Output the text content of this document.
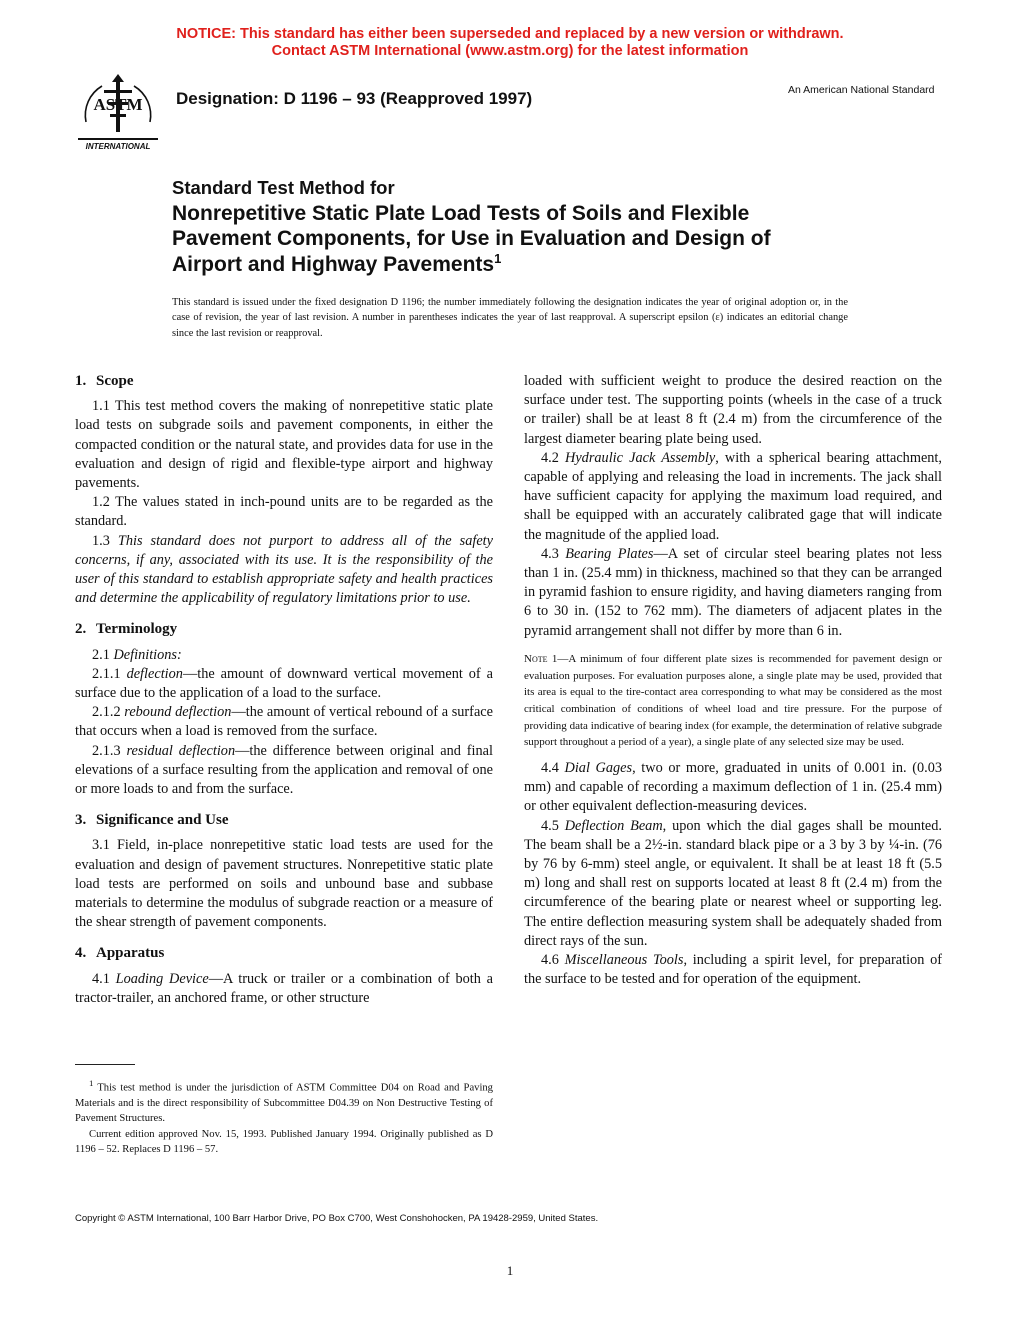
NOTICE: This standard has either been superseded and replaced by a new version or withdrawn.
Contact ASTM International (www.astm.org) for the latest information
ASTM
INTERNATIONAL
Designation: D 1196 – 93 (Reapproved 1997)	An American National Standard
Standard Test Method for
Nonrepetitive Static Plate Load Tests of Soils and Flexible
Pavement Components, for Use in Evaluation and Design of
Airport and Highway Pavements$^1$
This standard is issued under the fixed designation D 1196; the number immediately following the designation indicates the year of original adoption or, in the case of revision, the year of last revision. A number in parentheses indicates the year of last reapproval. A superscript epsilon (ε) indicates an editorial change since the last revision or reapproval.
1. Scope

1.1 This test method covers the making of nonrepetitive static plate load tests on subgrade soils and pavement components, in either the compacted condition or the natural state, and provides data for use in the evaluation and design of rigid and flexible-type airport and highway pavements.

1.2 The values stated in inch-pound units are to be regarded as the standard.

1.3 This standard does not purport to address all of the safety concerns, if any, associated with its use. It is the responsibility of the user of this standard to establish appropriate safety and health practices and determine the applicability of regulatory limitations prior to use.

2. Terminology

2.1 Definitions:

2.1.1 deflection—the amount of downward vertical movement of a surface due to the application of a load to the surface.

2.1.2 rebound deflection—the amount of vertical rebound of a surface that occurs when a load is removed from the surface.

2.1.3 residual deflection—the difference between original and final elevations of a surface resulting from the application and removal of one or more loads to and from the surface.

3. Significance and Use

3.1 Field, in-place nonrepetitive static load tests are used for the evaluation and design of pavement structures. Nonrepetitive static plate load tests are performed on soils and unbound base and subbase materials to determine the modulus of subgrade reaction or a measure of the shear strength of pavement components.

4. Apparatus

4.1 Loading Device—A truck or trailer or a combination of both a tractor-trailer, an anchored frame, or other structure

$^1$ This test method is under the jurisdiction of ASTM Committee D04 on Road and Paving Materials and is the direct responsibility of Subcommittee D04.39 on Non Destructive Testing of Pavement Structures.

Current edition approved Nov. 15, 1993. Published January 1994. Originally published as D 1196 – 52. Replaces D 1196 – 57.

loaded with sufficient weight to produce the desired reaction on the surface under test. The supporting points (wheels in the case of a truck or trailer) shall be at least 8 ft (2.4 m) from the circumference of the largest diameter bearing plate being used.

4.2 Hydraulic Jack Assembly, with a spherical bearing attachment, capable of applying and releasing the load in increments. The jack shall have sufficient capacity for applying the maximum load required, and shall be equipped with an accurately calibrated gage that will indicate the magnitude of the applied load.

4.3 Bearing Plates—A set of circular steel bearing plates not less than 1 in. (25.4 mm) in thickness, machined so that they can be arranged in pyramid fashion to ensure rigidity, and having diameters ranging from 6 to 30 in. (152 to 762 mm). The diameters of adjacent plates in the pyramid arrangement shall not differ by more than 6 in.

Note 1—A minimum of four different plate sizes is recommended for pavement design or evaluation purposes. For evaluation purposes alone, a single plate may be used, provided that its area is equal to the tire-contact area corresponding to what may be considered as the most critical combination of conditions of wheel load and tire pressure. For the purpose of providing data indicative of bearing index (for example, the determination of relative subgrade support throughout a period of a year), a single plate of any selected size may be used.

4.4 Dial Gages, two or more, graduated in units of 0.001 in. (0.03 mm) and capable of recording a maximum deflection of 1 in. (25.4 mm) or other equivalent deflection-measuring devices.

4.5 Deflection Beam, upon which the dial gages shall be mounted. The beam shall be a 2½-in. standard black pipe or a 3 by 3 by ¼-in. (76 by 76 by 6-mm) steel angle, or equivalent. It shall be at least 18 ft (5.5 m) long and shall rest on supports located at least 8 ft (2.4 m) from the circumference of the bearing plate or nearest wheel or supporting leg. The entire deflection measuring system shall be adequately shaded from direct rays of the sun.

4.6 Miscellaneous Tools, including a spirit level, for preparation of the surface to be tested and for operation of the equipment.

Copyright © ASTM International, 100 Barr Harbor Drive, PO Box C700, West Conshohocken, PA 19428-2959, United States.
1
